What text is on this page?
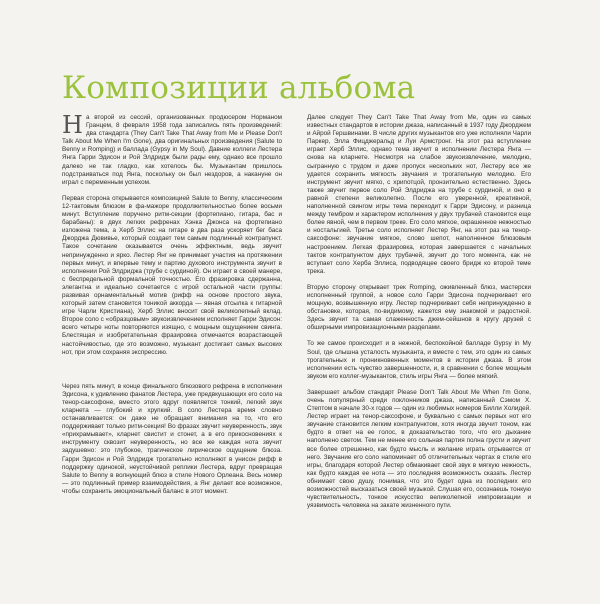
Композиции альбома

На второй из сессий, организованных продюсером Норманом Гранцем, 8 февраля 1958 года записались пять произведений: два стандарта (They Can't Take That Away from Me и Please Don't Talk About Me When I'm Gone), два оригинальных произведения (Salute to Benny и Romping) и баллада (Gypsy in My Soul). Давние коллеги Лестера Янга Гарри Эдисон и Рой Элдридж были рады ему, однако все прошло далеко не так гладко, как хотелось бы. Музыкантам пришлось подстраиваться под Янга, поскольку он был нездоров, а накануне он играл с переменным успехом.

Первая сторона открывается композицией Salute to Benny, классическим 12-тактовым блюзом в фа-мажоре продолжительностью более восьми минут. Вступление поручено ритм-секции (фортепиано, гитара, бас и барабаны): в двух легких рефренах Хэнка Джонса на фортепиано изложена тема, а Херб Эллис на гитаре в два раза ускоряет бег баса Джорджа Дювивье, который создает тем самым подлинный контрапункт. Такое сочетание оказывается очень эффектным, ведь звучит непринужденно и ярко. Лестер Янг не принимает участия на протяжении первых минут, и впервые тему и партию духового инструмента звучит в исполнении Рой Элдриджа (трубе с сурдиной). Он играет в своей манере, с беспредельной формальной точностью. Его фразировка сдержанна, элегантна и идеально сочетается с игрой остальной части группы: развивая орнаментальный мотив (рифф на основе простого звука, который затем становится тоникой аккорда — явная отсылка к гитарной игре Чарли Кристиана), Херб Эллис вносит свой великолепный вклад. Второе соло с «образцовым» звукоизвлечением исполняет Гарри Эдисон: всего четыре ноты повторяются изящно, с мощным ощущением свинга. Блестящая и изобретательная фразировка отмечается возрастающей настойчивостью, где это возможно, музыкант достигает самых высоких нот, при этом сохраняя экспрессию.

Через пять минут, в конце финального блюзового рефрена в исполнении Эдисона, к удивлению фанатов Лестера, уже предвкушающих его соло на тенор-саксофоне, вместо этого вдруг появляется тонкий, легкий звук кларнета — глубокий и хрупкий. В соло Лестера время словно останавливается: он даже не обращает внимания на то, что его поддерживает только ритм-секция! Во фразах звучит неуверенность, звук «прихрамывает», кларнет свистит и стонет, а в его прикосновениях к инструменту сквозит неуверенность, но все же каждая нота звучит задушевно: это глубокое, трагическое лирическое ощущение блюза. Гарри Эдисон и Рой Элдридж трогательно исполняют в унисон рифф в поддержку одинокой, неустойчивой реплики Лестера, вдруг превращая Salute to Benny в волнующий блюз в стиле Нового Орлеана. Весь номер — это подлинный пример взаимодействия, а Янг делает все возможное, чтобы сохранить эмоциональный баланс в этот момент.

Далее следует They Can't Take That Away from Me, один из самых известных стандартов в истории джаза, написанный в 1937 году Джорджем и Айрой Гершвинами. В числе других музыкантов его уже исполняли Чарли Паркер, Элла Фицджеральд и Луи Армстронг. На этот раз вступление играет Херб Эллис, однако тема звучит в исполнении Лестера Янга — снова на кларнете. Несмотря на слабое звукоизвлечение, мелодию, сыгранную с трудом и даже пропуск нескольких нот, Лестеру все же удается сохранить мягкость звучания и трогательную мелодию. Его инструмент звучит мягко, с хрипотцой, пронзительно естественно. Здесь также звучит первое соло Рой Элдриджа на трубе с сурдиной, и оно в равной степени великолепно. После его уверенной, креативной, наполненной свингом игры тема переходит к Гарри Эдисону, и разница между тембром и характером исполнения у двух трубачей становится еще более явной, чем в первом треке. Его соло мягкое, окрашенное нежностью и ностальгией. Третье соло исполняет Лестер Янг, на этот раз на тенор-саксофоне: звучание мягкое, слово шепот, наполненное блюзовым настроением. Легкая фразировка, которая завершается с начальных тактов контрапунктом двух трубачей, звучит до того момента, как не вступает соло Херба Эллиса, подводящее своего бридж ко второй теме трека.

Вторую сторону открывает трек Romping, оживленный блюз, мастерски исполненный группой, а новое соло Гарри Эдисона подчеркивает его мощную, возвышенную игру. Лестер подчеркивает себя непринужденно в обстановке, которая, по-видимому, кажется ему знакомой и радостной. Здесь звучит та самая слаженность джем-сейшнов в кругу друзей с обширными импровизационными разделами.

То же самое происходит и в нежной, беспокойной балладе Gypsy in My Soul, где слышна усталость музыканта, и вместе с тем, это один из самых трогательных и проникновенных моментов в истории джаза. В этом исполнении есть чувство завершенности, и, в сравнении с более мощным звуком его коллег-музыкантов, стиль игры Янга — более мягкий.

Завершает альбом стандарт Please Don't Talk About Me When I'm Gone, очень популярный среди поклонников джаза, написанный Сэмом Х. Стептом в начале 30-х годов — один из любимых номеров Билли Холидей. Лестер играет на тенор-саксофоне, и буквально с самых первых нот его звучание становится легким контрапунктом, хотя иногда звучит тоном, как будто в ответ на ее голос, в доказательство того, что его дыхание наполнено светом. Тем не менее его сольная партия полна грусти и звучит все более отрешенно, как будто мысль и желание играть отрывается от него. Звучание его соло напоминает об отличительных чертах в стиле его игры, благодаря которой Лестер обмакивает свой звук в мягкую нежность, как будто каждая ее нота — это последняя возможность сказать. Лестер обнимает свою душу, понимая, что это будет одна из последних его возможностей высказаться своей музыкой. Слушая его, осознаешь тонкую чувствительность, тонкое искусство великолепной импровизации и уязвимость человека на закате жизненного пути.
